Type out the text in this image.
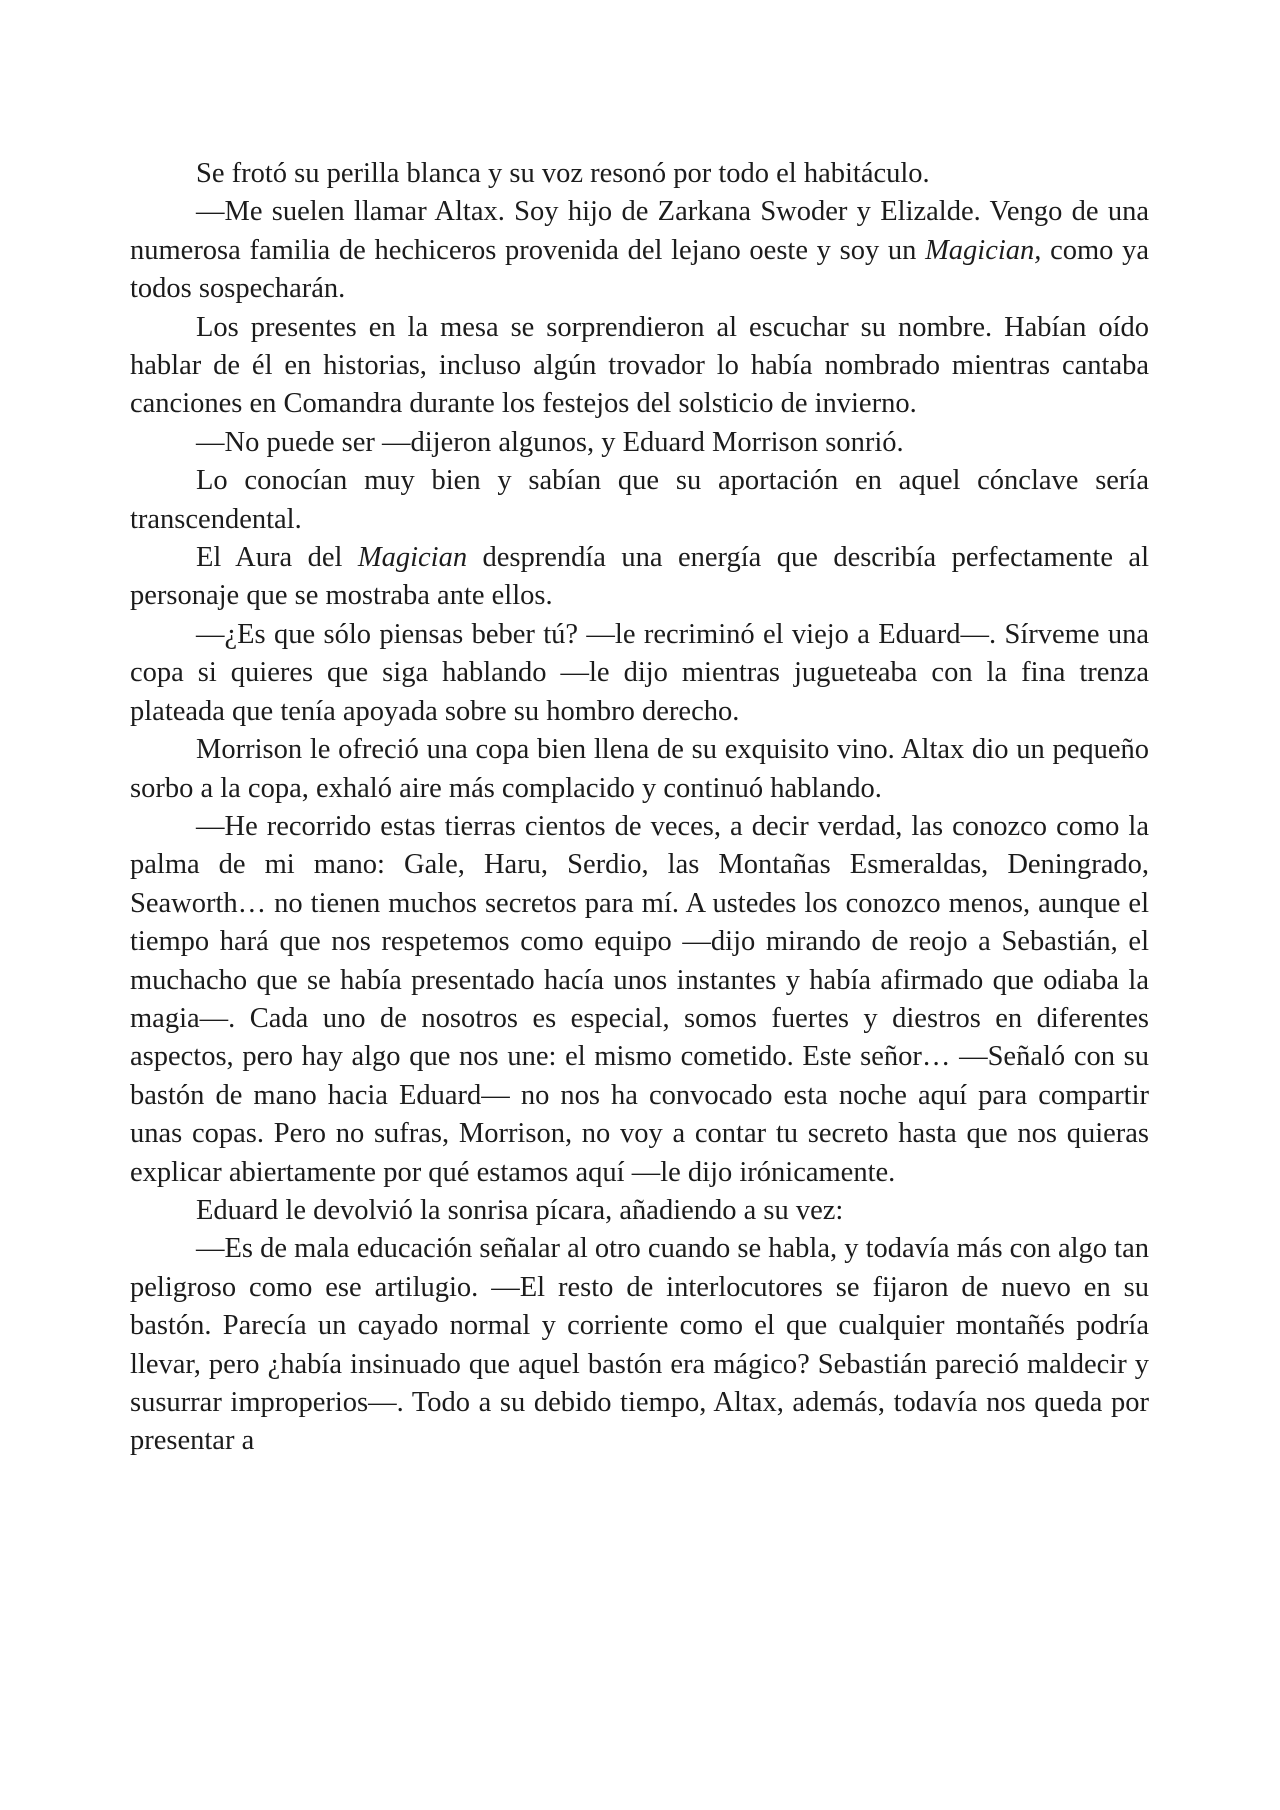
Se frotó su perilla blanca y su voz resonó por todo el habitáculo.

—Me suelen llamar Altax. Soy hijo de Zarkana Swoder y Elizalde. Vengo de una numerosa familia de hechiceros provenida del lejano oeste y soy un Magician, como ya todos sospecharán.

Los presentes en la mesa se sorprendieron al escuchar su nombre. Habían oído hablar de él en historias, incluso algún trovador lo había nombrado mientras cantaba canciones en Comandra durante los festejos del solsticio de invierno.

—No puede ser —dijeron algunos, y Eduard Morrison sonrió.

Lo conocían muy bien y sabían que su aportación en aquel cónclave sería transcendental.

El Aura del Magician desprendía una energía que describía perfectamente al personaje que se mostraba ante ellos.

—¿Es que sólo piensas beber tú? —le recriminó el viejo a Eduard—. Sírveme una copa si quieres que siga hablando —le dijo mientras jugueteaba con la fina trenza plateada que tenía apoyada sobre su hombro derecho.

Morrison le ofreció una copa bien llena de su exquisito vino. Altax dio un pequeño sorbo a la copa, exhaló aire más complacido y continuó hablando.

—He recorrido estas tierras cientos de veces, a decir verdad, las conozco como la palma de mi mano: Gale, Haru, Serdio, las Montañas Esmeraldas, Deningrado, Seaworth… no tienen muchos secretos para mí. A ustedes los conozco menos, aunque el tiempo hará que nos respetemos como equipo —dijo mirando de reojo a Sebastián, el muchacho que se había presentado hacía unos instantes y había afirmado que odiaba la magia—. Cada uno de nosotros es especial, somos fuertes y diestros en diferentes aspectos, pero hay algo que nos une: el mismo cometido. Este señor… —Señaló con su bastón de mano hacia Eduard— no nos ha convocado esta noche aquí para compartir unas copas. Pero no sufras, Morrison, no voy a contar tu secreto hasta que nos quieras explicar abiertamente por qué estamos aquí —le dijo irónicamente.

Eduard le devolvió la sonrisa pícara, añadiendo a su vez:

—Es de mala educación señalar al otro cuando se habla, y todavía más con algo tan peligroso como ese artilugio. —El resto de interlocutores se fijaron de nuevo en su bastón. Parecía un cayado normal y corriente como el que cualquier montañés podría llevar, pero ¿había insinuado que aquel bastón era mágico? Sebastián pareció maldecir y susurrar improperios—. Todo a su debido tiempo, Altax, además, todavía nos queda por presentar a
